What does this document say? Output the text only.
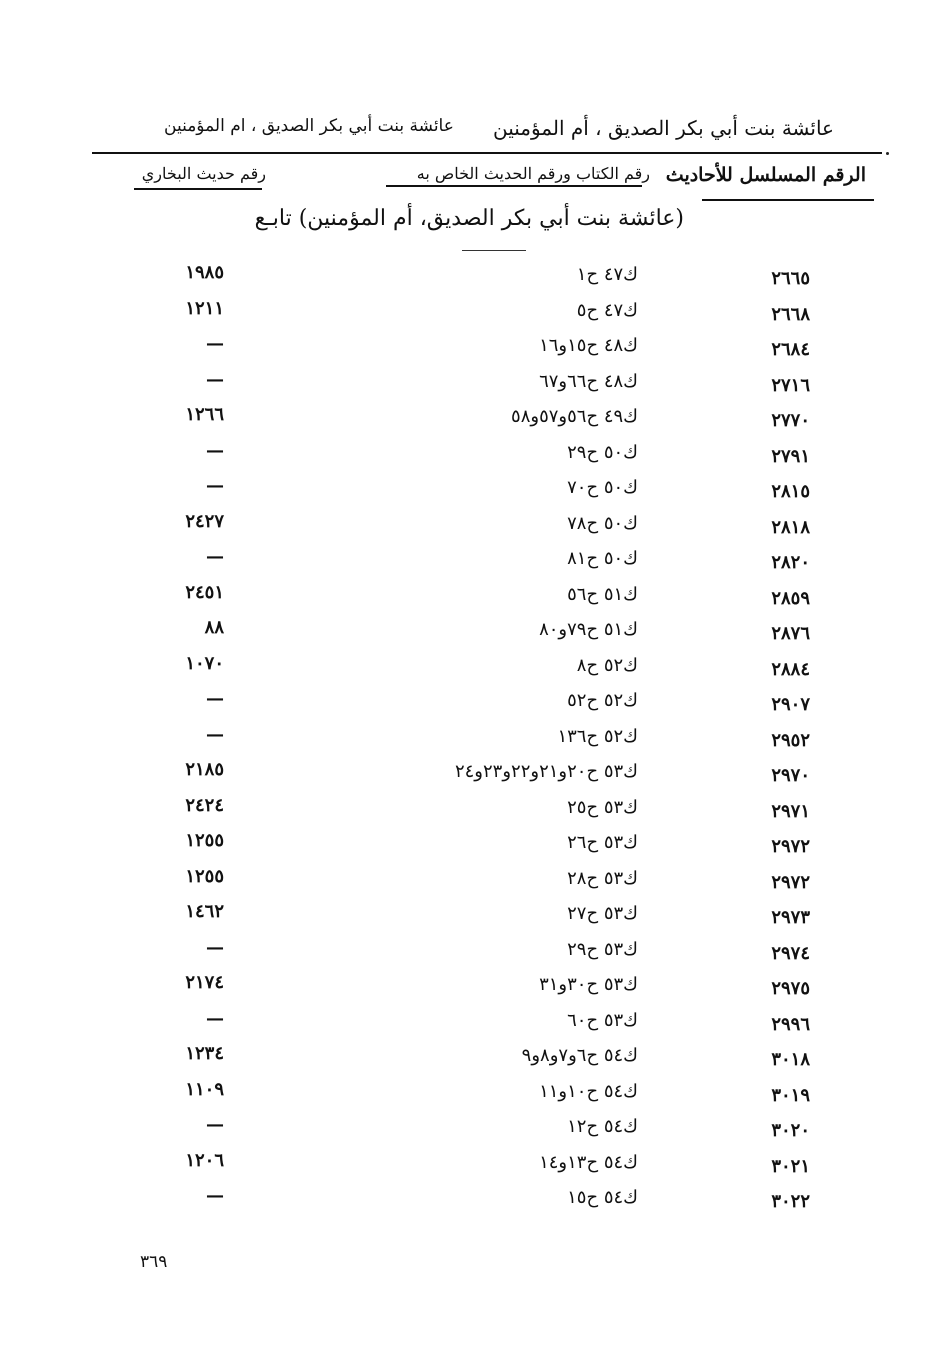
عائشة بنت أبي بكر الصديق ، أم المؤمنين
عائشة بنت أبي بكر الصديق ، ام المؤمنين
الرقم المسلسل للأحاديث
رقم الكتاب ورقم الحديث الخاص به
رقم حديث البخاري
(عائشة بنت أبي بكر الصديق، أم المؤمنين) تابـع
٢٦٦٥
ك٤٧ ح١
١٩٨٥
٢٦٦٨
ك٤٧ ح٥
١٢١١
٢٦٨٤
ك٤٨ ح١٥و١٦
—
٢٧١٦
ك٤٨ ح٦٦و٦٧
—
٢٧٧٠
ك٤٩ ح٥٦و٥٧و٥٨
١٢٦٦
٢٧٩١
ك٥٠ ح٢٩
—
٢٨١٥
ك٥٠ ح٧٠
—
٢٨١٨
ك٥٠ ح٧٨
٢٤٢٧
٢٨٢٠
ك٥٠ ح٨١
—
٢٨٥٩
ك٥١ ح٥٦
٢٤٥١
٢٨٧٦
ك٥١ ح٧٩و٨٠
٨٨
٢٨٨٤
ك٥٢ ح٨
١٠٧٠
٢٩٠٧
ك٥٢ ح٥٢
—
٢٩٥٢
ك٥٢ ح١٣٦
—
٢٩٧٠
ك٥٣ ح٢٠و٢١و٢٢و٢٣و٢٤
٢١٨٥
٢٩٧١
ك٥٣ ح٢٥
٢٤٢٤
٢٩٧٢
ك٥٣ ح٢٦
١٢٥٥
٢٩٧٢
ك٥٣ ح٢٨
١٢٥٥
٢٩٧٣
ك٥٣ ح٢٧
١٤٦٢
٢٩٧٤
ك٥٣ ح٢٩
—
٢٩٧٥
ك٥٣ ح٣٠و٣١
٢١٧٤
٢٩٩٦
ك٥٣ ح٦٠
—
٣٠١٨
ك٥٤ ح٦و٧و٨و٩
١٢٣٤
٣٠١٩
ك٥٤ ح١٠و١١
١١٠٩
٣٠٢٠
ك٥٤ ح١٢
—
٣٠٢١
ك٥٤ ح١٣و١٤
١٢٠٦
٣٠٢٢
ك٥٤ ح١٥
—
٣٦٩
